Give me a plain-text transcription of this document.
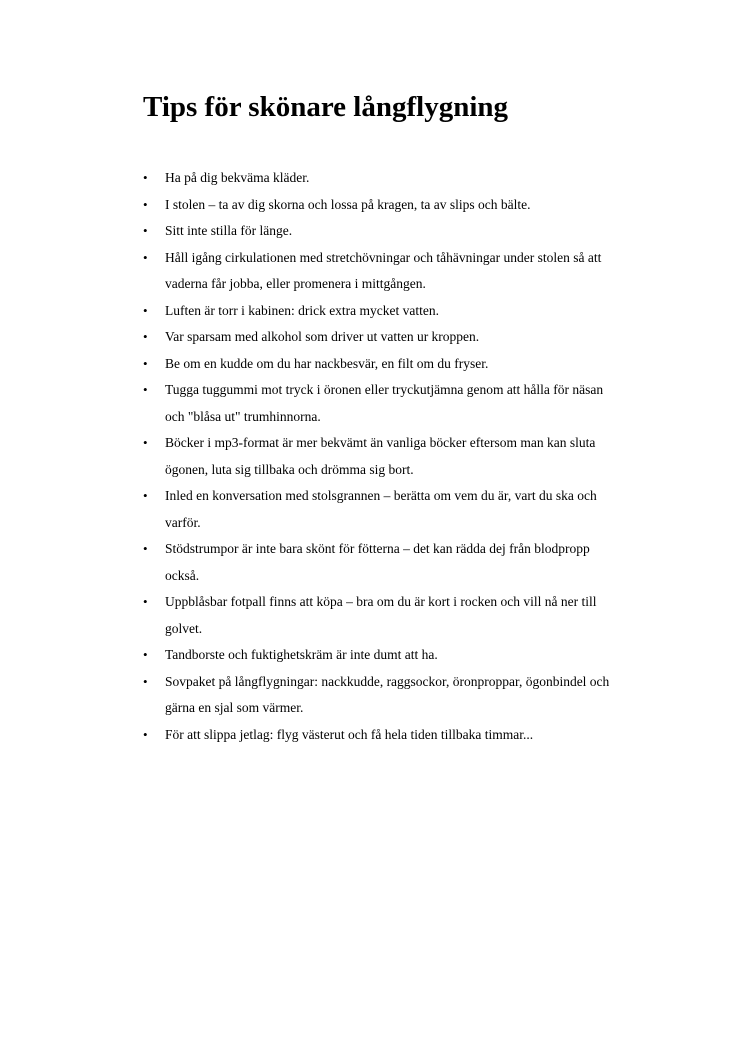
Tips för skönare långflygning
•	Ha på dig bekväma kläder.
•	I stolen – ta av dig skorna och lossa på kragen, ta av slips och bälte.
•	Sitt inte stilla för länge.
•	Håll igång cirkulationen med stretchövningar och tåhävningar under stolen så att vaderna får jobba, eller promenera i mittgången.
•	Luften är torr i kabinen: drick extra mycket vatten.
•	Var sparsam med alkohol som driver ut vatten ur kroppen.
•	Be om en kudde om du har nackbesvär, en filt om du fryser.
•	Tugga tuggummi mot tryck i öronen eller tryckutjämna genom att hålla för näsan och "blåsa ut" trumhinnorna.
•	Böcker i mp3-format är mer bekvämt än vanliga böcker eftersom man kan sluta ögonen, luta sig tillbaka och drömma sig bort.
•	Inled en konversation med stolsgrannen – berätta om vem du är, vart du ska och varför.
•	Stödstrumpor är inte bara skönt för fötterna – det kan rädda dej från blodpropp också.
•	Uppblåsbar fotpall finns att köpa – bra om du är kort i rocken och vill nå ner till golvet.
•	Tandborste och fuktighetskräm är inte dumt att ha.
•	Sovpaket på långflygningar: nackkudde, raggsockor, öronproppar, ögonbindel och gärna en sjal som värmer.
•	För att slippa jetlag: flyg västerut och få hela tiden tillbaka timmar...
